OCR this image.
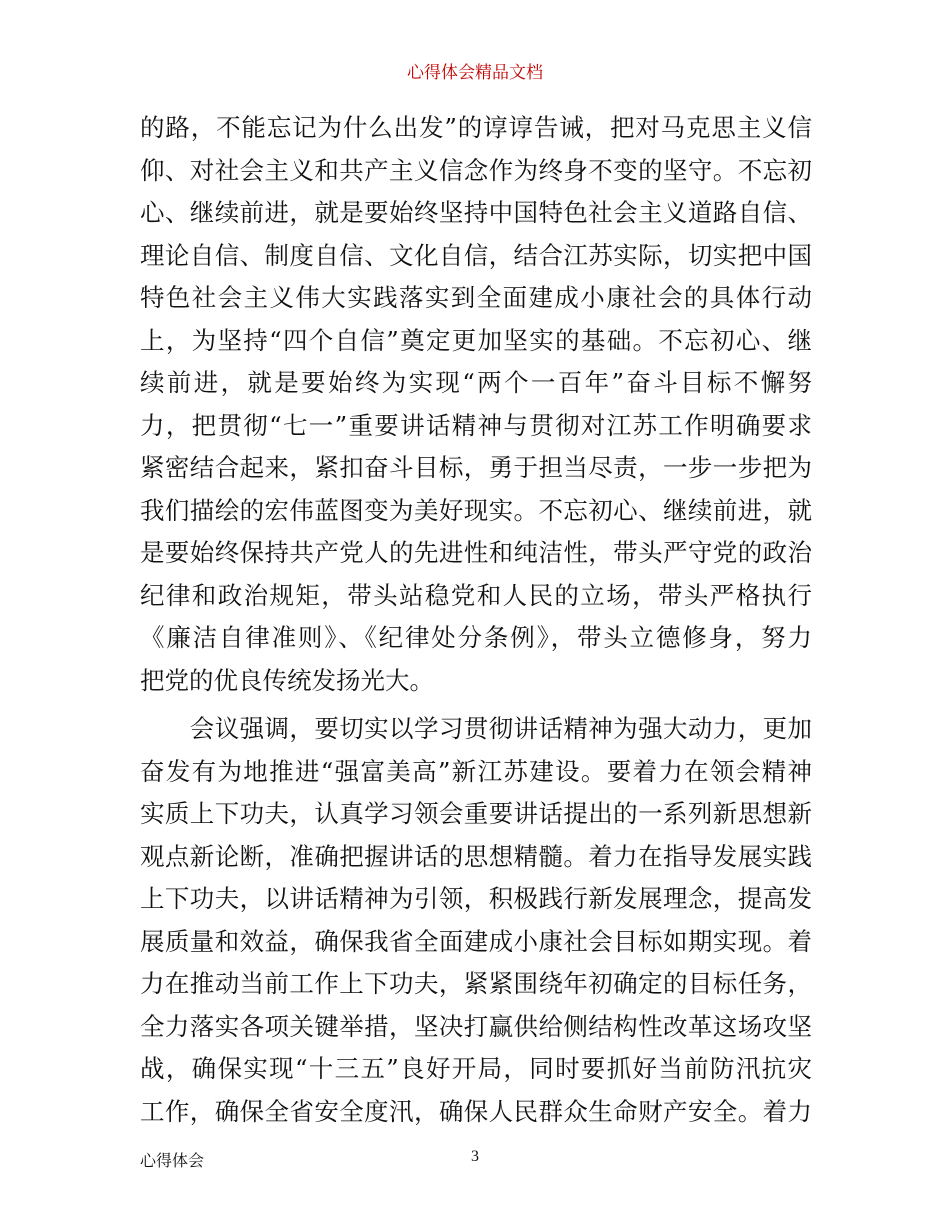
心得体会精品文档
的路，不能忘记为什么出发”的谆谆告诫，把对马克思主义信
仰、对社会主义和共产主义信念作为终身不变的坚守。不忘初
心、继续前进，就是要始终坚持中国特色社会主义道路自信、
理论自信、制度自信、文化自信，结合江苏实际，切实把中国
特色社会主义伟大实践落实到全面建成小康社会的具体行动
上，为坚持“四个自信”奠定更加坚实的基础。不忘初心、继
续前进，就是要始终为实现“两个一百年”奋斗目标不懈努
力，把贯彻“七一”重要讲话精神与贯彻对江苏工作明确要求
紧密结合起来，紧扣奋斗目标，勇于担当尽责，一步一步把为
我们描绘的宏伟蓝图变为美好现实。不忘初心、继续前进，就
是要始终保持共产党人的先进性和纯洁性，带头严守党的政治
纪律和政治规矩，带头站稳党和人民的立场，带头严格执行
《廉洁自律准则》、《纪律处分条例》，带头立德修身，努力
把党的优良传统发扬光大。
　　会议强调，要切实以学习贯彻讲话精神为强大动力，更加
奋发有为地推进“强富美高”新江苏建设。要着力在领会精神
实质上下功夫，认真学习领会重要讲话提出的一系列新思想新
观点新论断，准确把握讲话的思想精髓。着力在指导发展实践
上下功夫，以讲话精神为引领，积极践行新发展理念，提高发
展质量和效益，确保我省全面建成小康社会目标如期实现。着
力在推动当前工作上下功夫，紧紧围绕年初确定的目标任务，
全力落实各项关键举措，坚决打赢供给侧结构性改革这场攻坚
战，确保实现“十三五”良好开局，同时要抓好当前防汛抗灾
工作，确保全省安全度汛，确保人民群众生命财产安全。着力
心得体会	3
